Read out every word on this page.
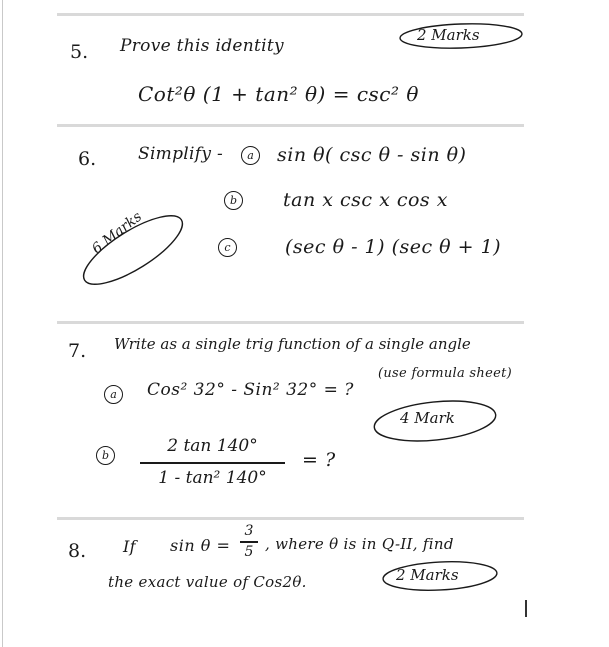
5. Prove this identity
2 Marks
Cot²θ (1 + tan² θ) = csc² θ
6. Simplify -	a	sin θ( csc θ - sin θ)
b	tan x csc x cos x
c	(sec θ - 1) (sec θ + 1)
6 Marks
7. Write as a single trig function of a single angle
a	Cos² 32° - Sin² 32° = ?
(use formula sheet)
4 Mark
b	2 tan 140°
1 - tan² 140°
= ?
8. If sin θ =
3
5 , where θ is in Q-II, find
the exact value of Cos2θ.	2 Marks
